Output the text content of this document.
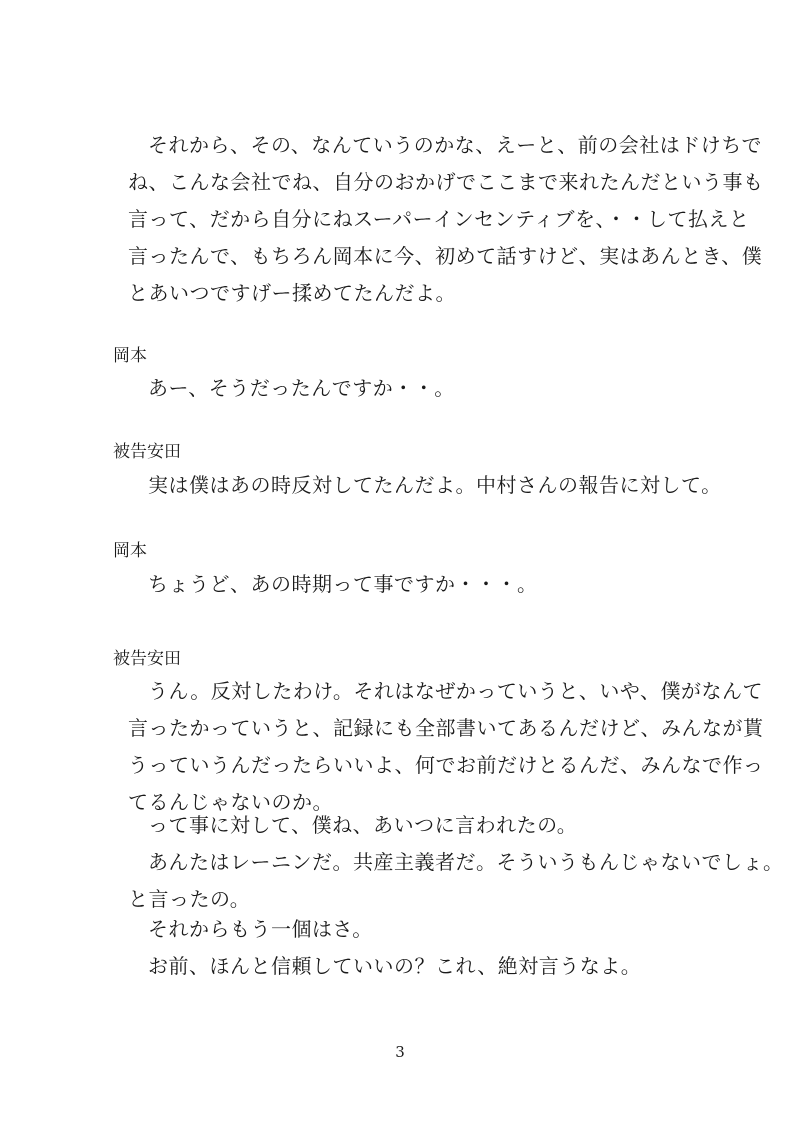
それから、その、なんていうのかな、えーと、前の会社はドけちで
ね、こんな会社でね、自分のおかげでここまで来れたんだという事も
言って、だから自分にねスーパーインセンティブを、・・して払えと
言ったんで、もちろん岡本に今、初めて話すけど、実はあんとき、僕
とあいつですげー揉めてたんだよ。
岡本
あー、そうだったんですか・・。
被告安田
実は僕はあの時反対してたんだよ。中村さんの報告に対して。
岡本
ちょうど、あの時期って事ですか・・・。
被告安田
うん。反対したわけ。それはなぜかっていうと、いや、僕がなんて
言ったかっていうと、記録にも全部書いてあるんだけど、みんなが貰
うっていうんだったらいいよ、何でお前だけとるんだ、みんなで作っ
てるんじゃないのか。
って事に対して、僕ね、あいつに言われたの。
あんたはレーニンだ。共産主義者だ。そういうもんじゃないでしょ。
と言ったの。
それからもう一個はさ。
お前、ほんと信頼していいの？これ、絶対言うなよ。
3
